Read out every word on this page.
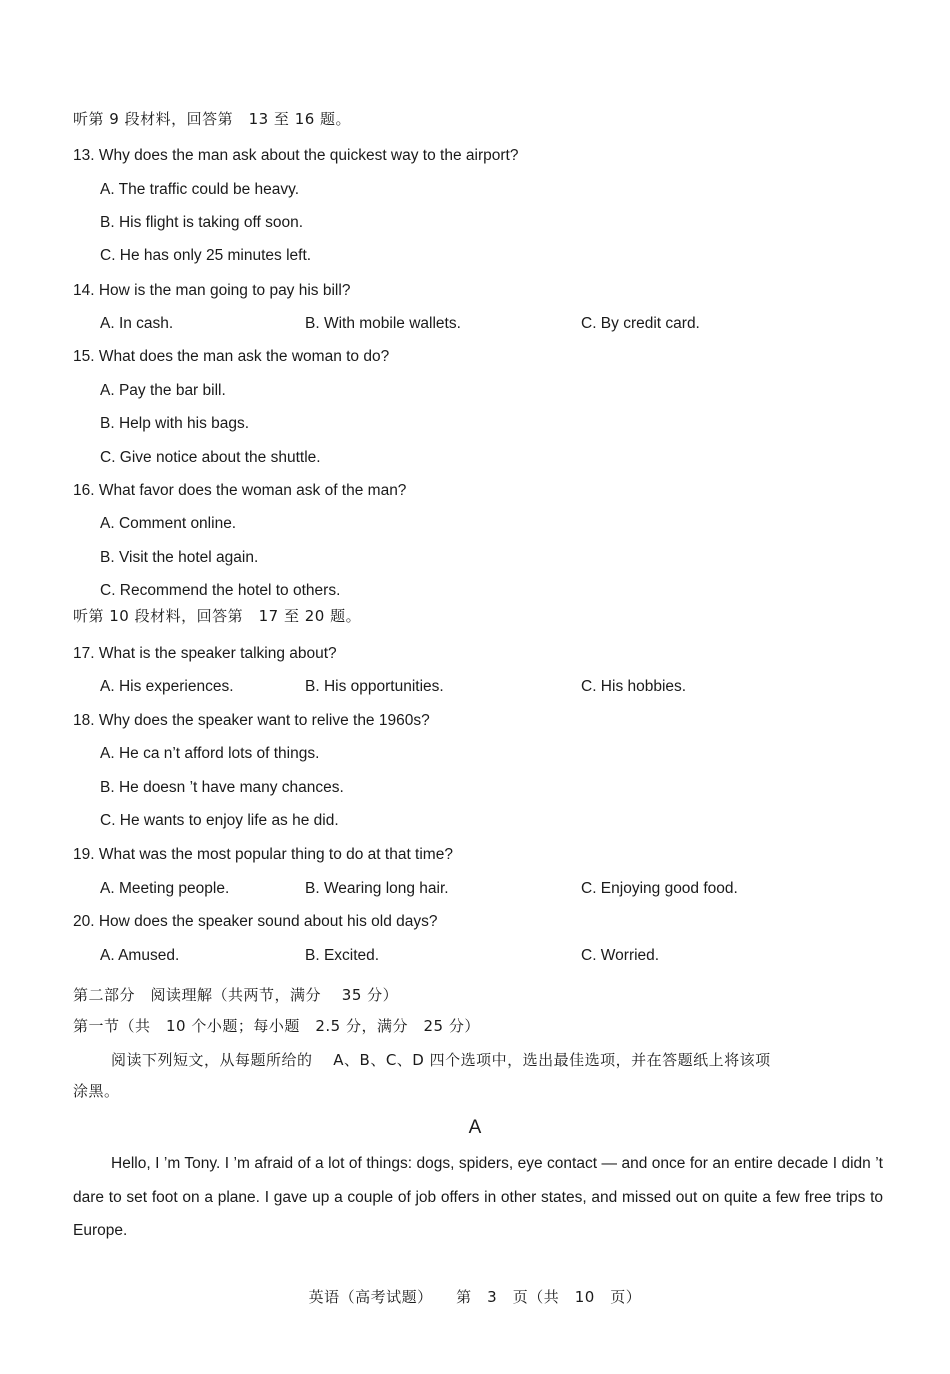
听第 9 段材料，回答第　13 至 16 题。
13. Why does the man ask about the quickest way to the airport?
A. The traffic could be heavy.
B. His flight is taking off soon.
C. He has only 25 minutes left.
14. How is the man going to pay his bill?
A. In cash.	B. With mobile wallets.	C. By credit card.
15. What does the man ask the woman to do?
A. Pay the bar bill.
B. Help with his bags.
C. Give notice about the shuttle.
16. What favor does the woman ask of the man?
A. Comment online.
B. Visit the hotel again.
C. Recommend the hotel to others.
听第 10 段材料，回答第　17 至 20 题。
17. What is the speaker talking about?
A. His experiences.	B. His opportunities.	C. His hobbies.
18. Why does the speaker want to relive the 1960s?
A. He ca n’t afford lots of things.
B. He doesn ’t have many chances.
C. He wants to enjoy life as he did.
19. What was the most popular thing to do at that time?
A. Meeting people.	B. Wearing long hair.	C. Enjoying good food.
20. How does the speaker sound about his old days?
A. Amused.	B. Excited.	C. Worried.
第二部分　阅读理解（共两节，满分　 35 分）
第一节（共　10 个小题；每小题　2.5 分，满分　25 分）
阅读下列短文，从每题所给的　 A、B、C、D 四个选项中，选出最佳选项，并在答题纸上将该项
涂黑。
A
Hello, I ’m Tony. I ’m afraid of a lot of things: dogs, spiders, eye contact — and once for an entire decade I didn ’t dare to set foot on a plane. I gave up a couple of job offers in other states, and missed out on quite a few free trips to Europe.
英语（高考试题）　　第　3　页（共　10　页）
